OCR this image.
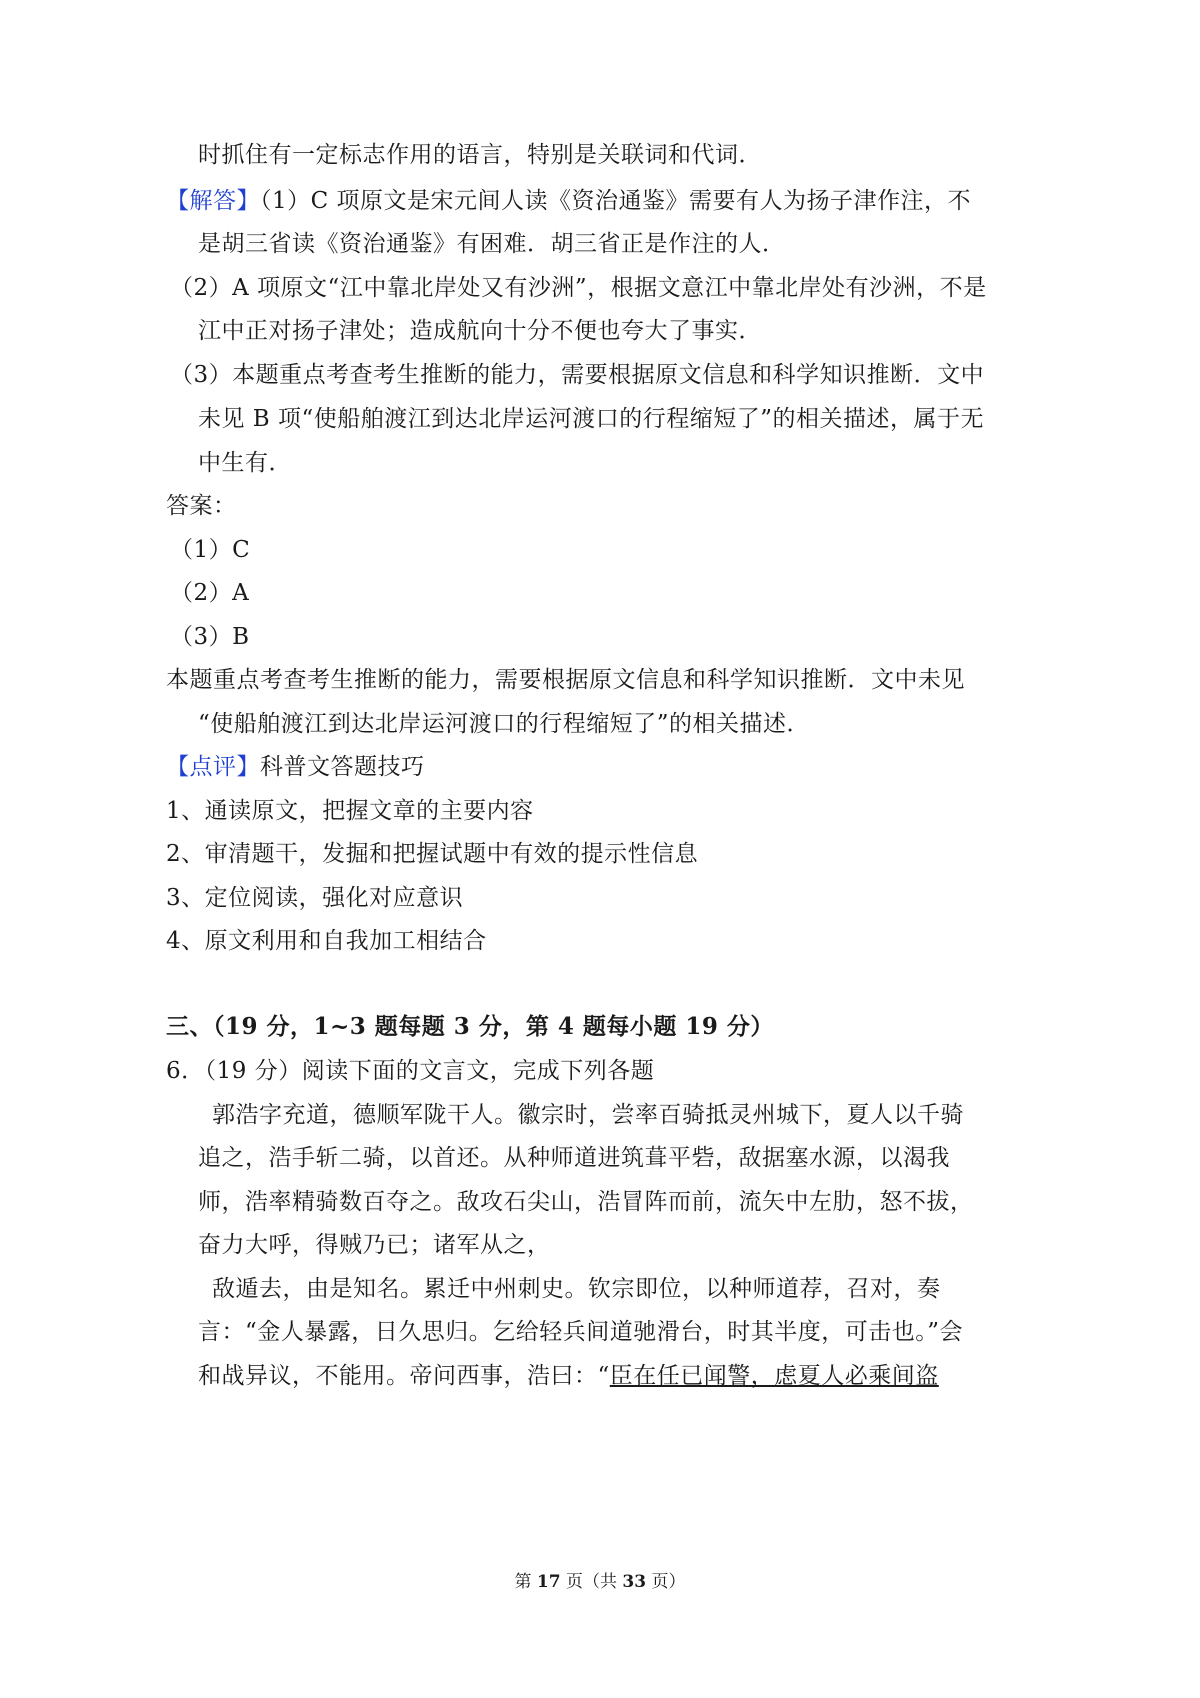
时抓住有一定标志作用的语言，特别是关联词和代词．
【解答】（1）C 项原文是宋元间人读《资治通鉴》需要有人为扬子津作注，不
是胡三省读《资治通鉴》有困难．胡三省正是作注的人．
（2）A 项原文“江中靠北岸处又有沙洲”，根据文意江中靠北岸处有沙洲，不是
江中正对扬子津处；造成航向十分不便也夸大了事实．
（3）本题重点考查考生推断的能力，需要根据原文信息和科学知识推断．文中
未见 B 项“使船舶渡江到达北岸运河渡口的行程缩短了”的相关描述，属于无
中生有．
答案：
（1）C
（2）A
（3）B
本题重点考查考生推断的能力，需要根据原文信息和科学知识推断．文中未见
“使船舶渡江到达北岸运河渡口的行程缩短了”的相关描述．
【点评】科普文答题技巧
1、通读原文，把握文章的主要内容
2、审清题干，发掘和把握试题中有效的提示性信息
3、定位阅读，强化对应意识
4、原文利用和自我加工相结合
三、（19 分，1~3 题每题 3 分，第 4 题每小题 19 分）
6．（19 分）阅读下面的文言文，完成下列各题
郭浩字充道，德顺军陇干人。徽宗时，尝率百骑抵灵州城下，夏人以千骑
追之，浩手斩二骑，以首还。从种师道进筑葺平砦，敌据塞水源，以渴我
师，浩率精骑数百夺之。敌攻石尖山，浩冒阵而前，流矢中左肋，怒不拔，
奋力大呼，得贼乃已；诸军从之，
敌遁去，由是知名。累迁中州刺史。钦宗即位，以种师道荐，召对，奏
言：“金人暴露，日久思归。乞给轻兵间道驰滑台，时其半度，可击也。”会
和战异议，不能用。帝问西事，浩曰：“臣在任已闻警，虑夏人必乘间盗
第 17 页（共 33 页）
